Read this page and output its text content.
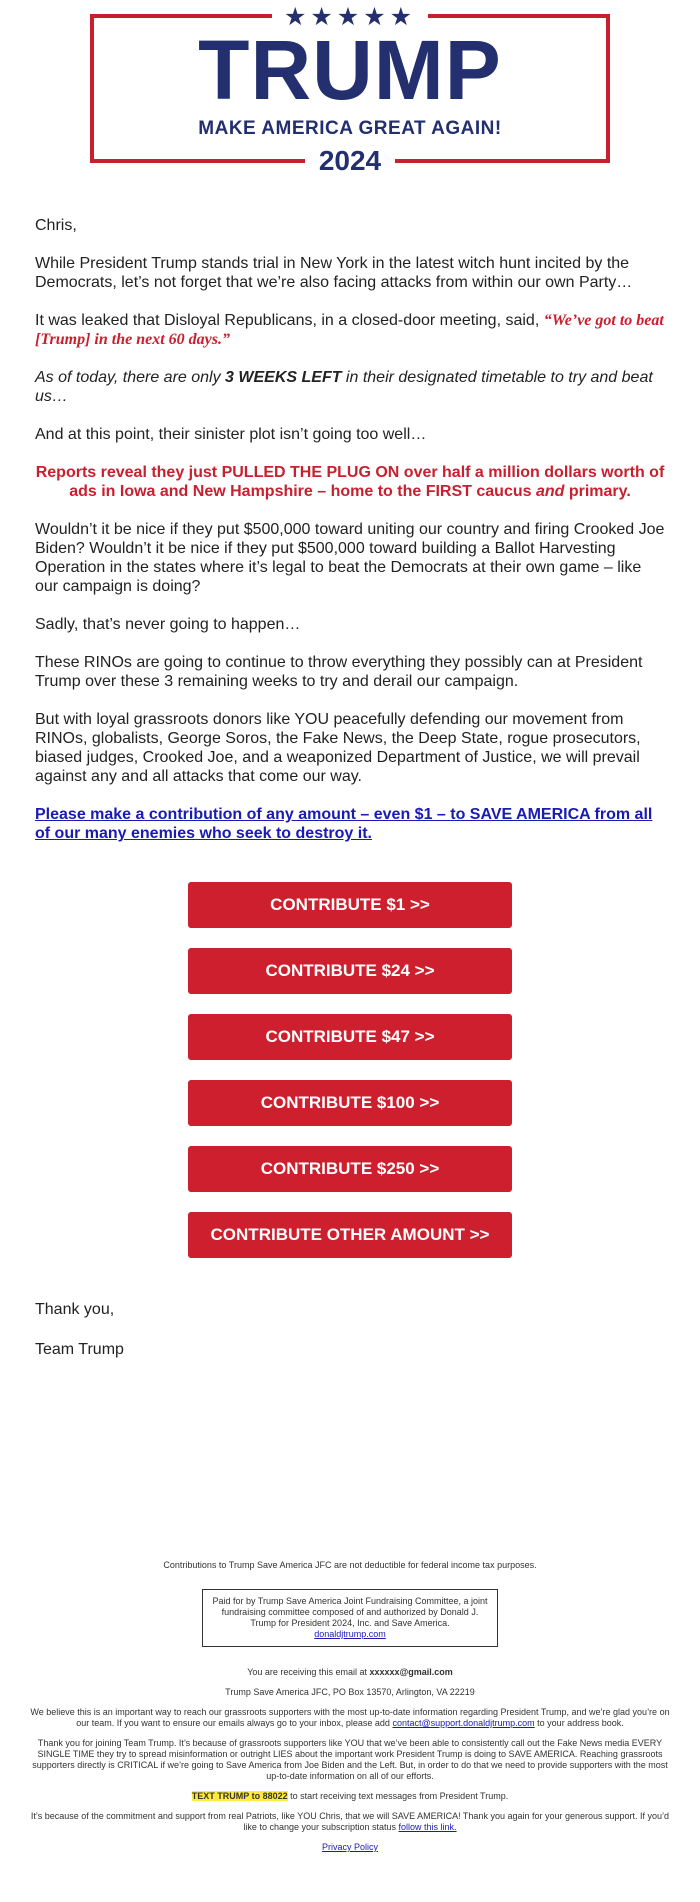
★★★★★
TRUMP
MAKE AMERICA GREAT AGAIN!
2024

Chris,

While President Trump stands trial in New York in the latest witch hunt incited by the Democrats, let’s not forget that we’re also facing attacks from within our own Party…

It was leaked that Disloyal Republicans, in a closed-door meeting, said, “We’ve got to beat [Trump] in the next 60 days.”

As of today, there are only 3 WEEKS LEFT in their designated timetable to try and beat us…

And at this point, their sinister plot isn’t going too well…

Reports reveal they just PULLED THE PLUG ON over half a million dollars worth of ads in Iowa and New Hampshire – home to the FIRST caucus and primary.

Wouldn’t it be nice if they put $500,000 toward uniting our country and firing Crooked Joe Biden? Wouldn’t it be nice if they put $500,000 toward building a Ballot Harvesting Operation in the states where it’s legal to beat the Democrats at their own game – like our campaign is doing?

Sadly, that’s never going to happen…

These RINOs are going to continue to throw everything they possibly can at President Trump over these 3 remaining weeks to try and derail our campaign.

But with loyal grassroots donors like YOU peacefully defending our movement from RINOs, globalists, George Soros, the Fake News, the Deep State, rogue prosecutors, biased judges, Crooked Joe, and a weaponized Department of Justice, we will prevail against any and all attacks that come our way.

Please make a contribution of any amount – even $1 – to SAVE AMERICA from all of our many enemies who seek to destroy it.

CONTRIBUTE $1 >>
CONTRIBUTE $24 >>
CONTRIBUTE $47 >>
CONTRIBUTE $100 >>
CONTRIBUTE $250 >>
CONTRIBUTE OTHER AMOUNT >>

Thank you,

Team Trump

Contributions to Trump Save America JFC are not deductible for federal income tax purposes.

Paid for by Trump Save America Joint Fundraising Committee, a joint fundraising committee composed of and authorized by Donald J. Trump for President 2024, Inc. and Save America.
donaldjtrump.com

You are receiving this email at xxxxxx@gmail.com

Trump Save America JFC, PO Box 13570, Arlington, VA 22219

We believe this is an important way to reach our grassroots supporters with the most up-to-date information regarding President Trump, and we’re glad you’re on our team. If you want to ensure our emails always go to your inbox, please add contact@support.donaldjtrump.com to your address book.

Thank you for joining Team Trump. It’s because of grassroots supporters like YOU that we’ve been able to consistently call out the Fake News media EVERY SINGLE TIME they try to spread misinformation or outright LIES about the important work President Trump is doing to SAVE AMERICA. Reaching grassroots supporters directly is CRITICAL if we’re going to Save America from Joe Biden and the Left. But, in order to do that we need to provide supporters with the most up-to-date information on all of our efforts.

TEXT TRUMP to 88022 to start receiving text messages from President Trump.

It’s because of the commitment and support from real Patriots, like YOU Chris, that we will SAVE AMERICA! Thank you again for your generous support. If you’d like to change your subscription status follow this link.

Privacy Policy
